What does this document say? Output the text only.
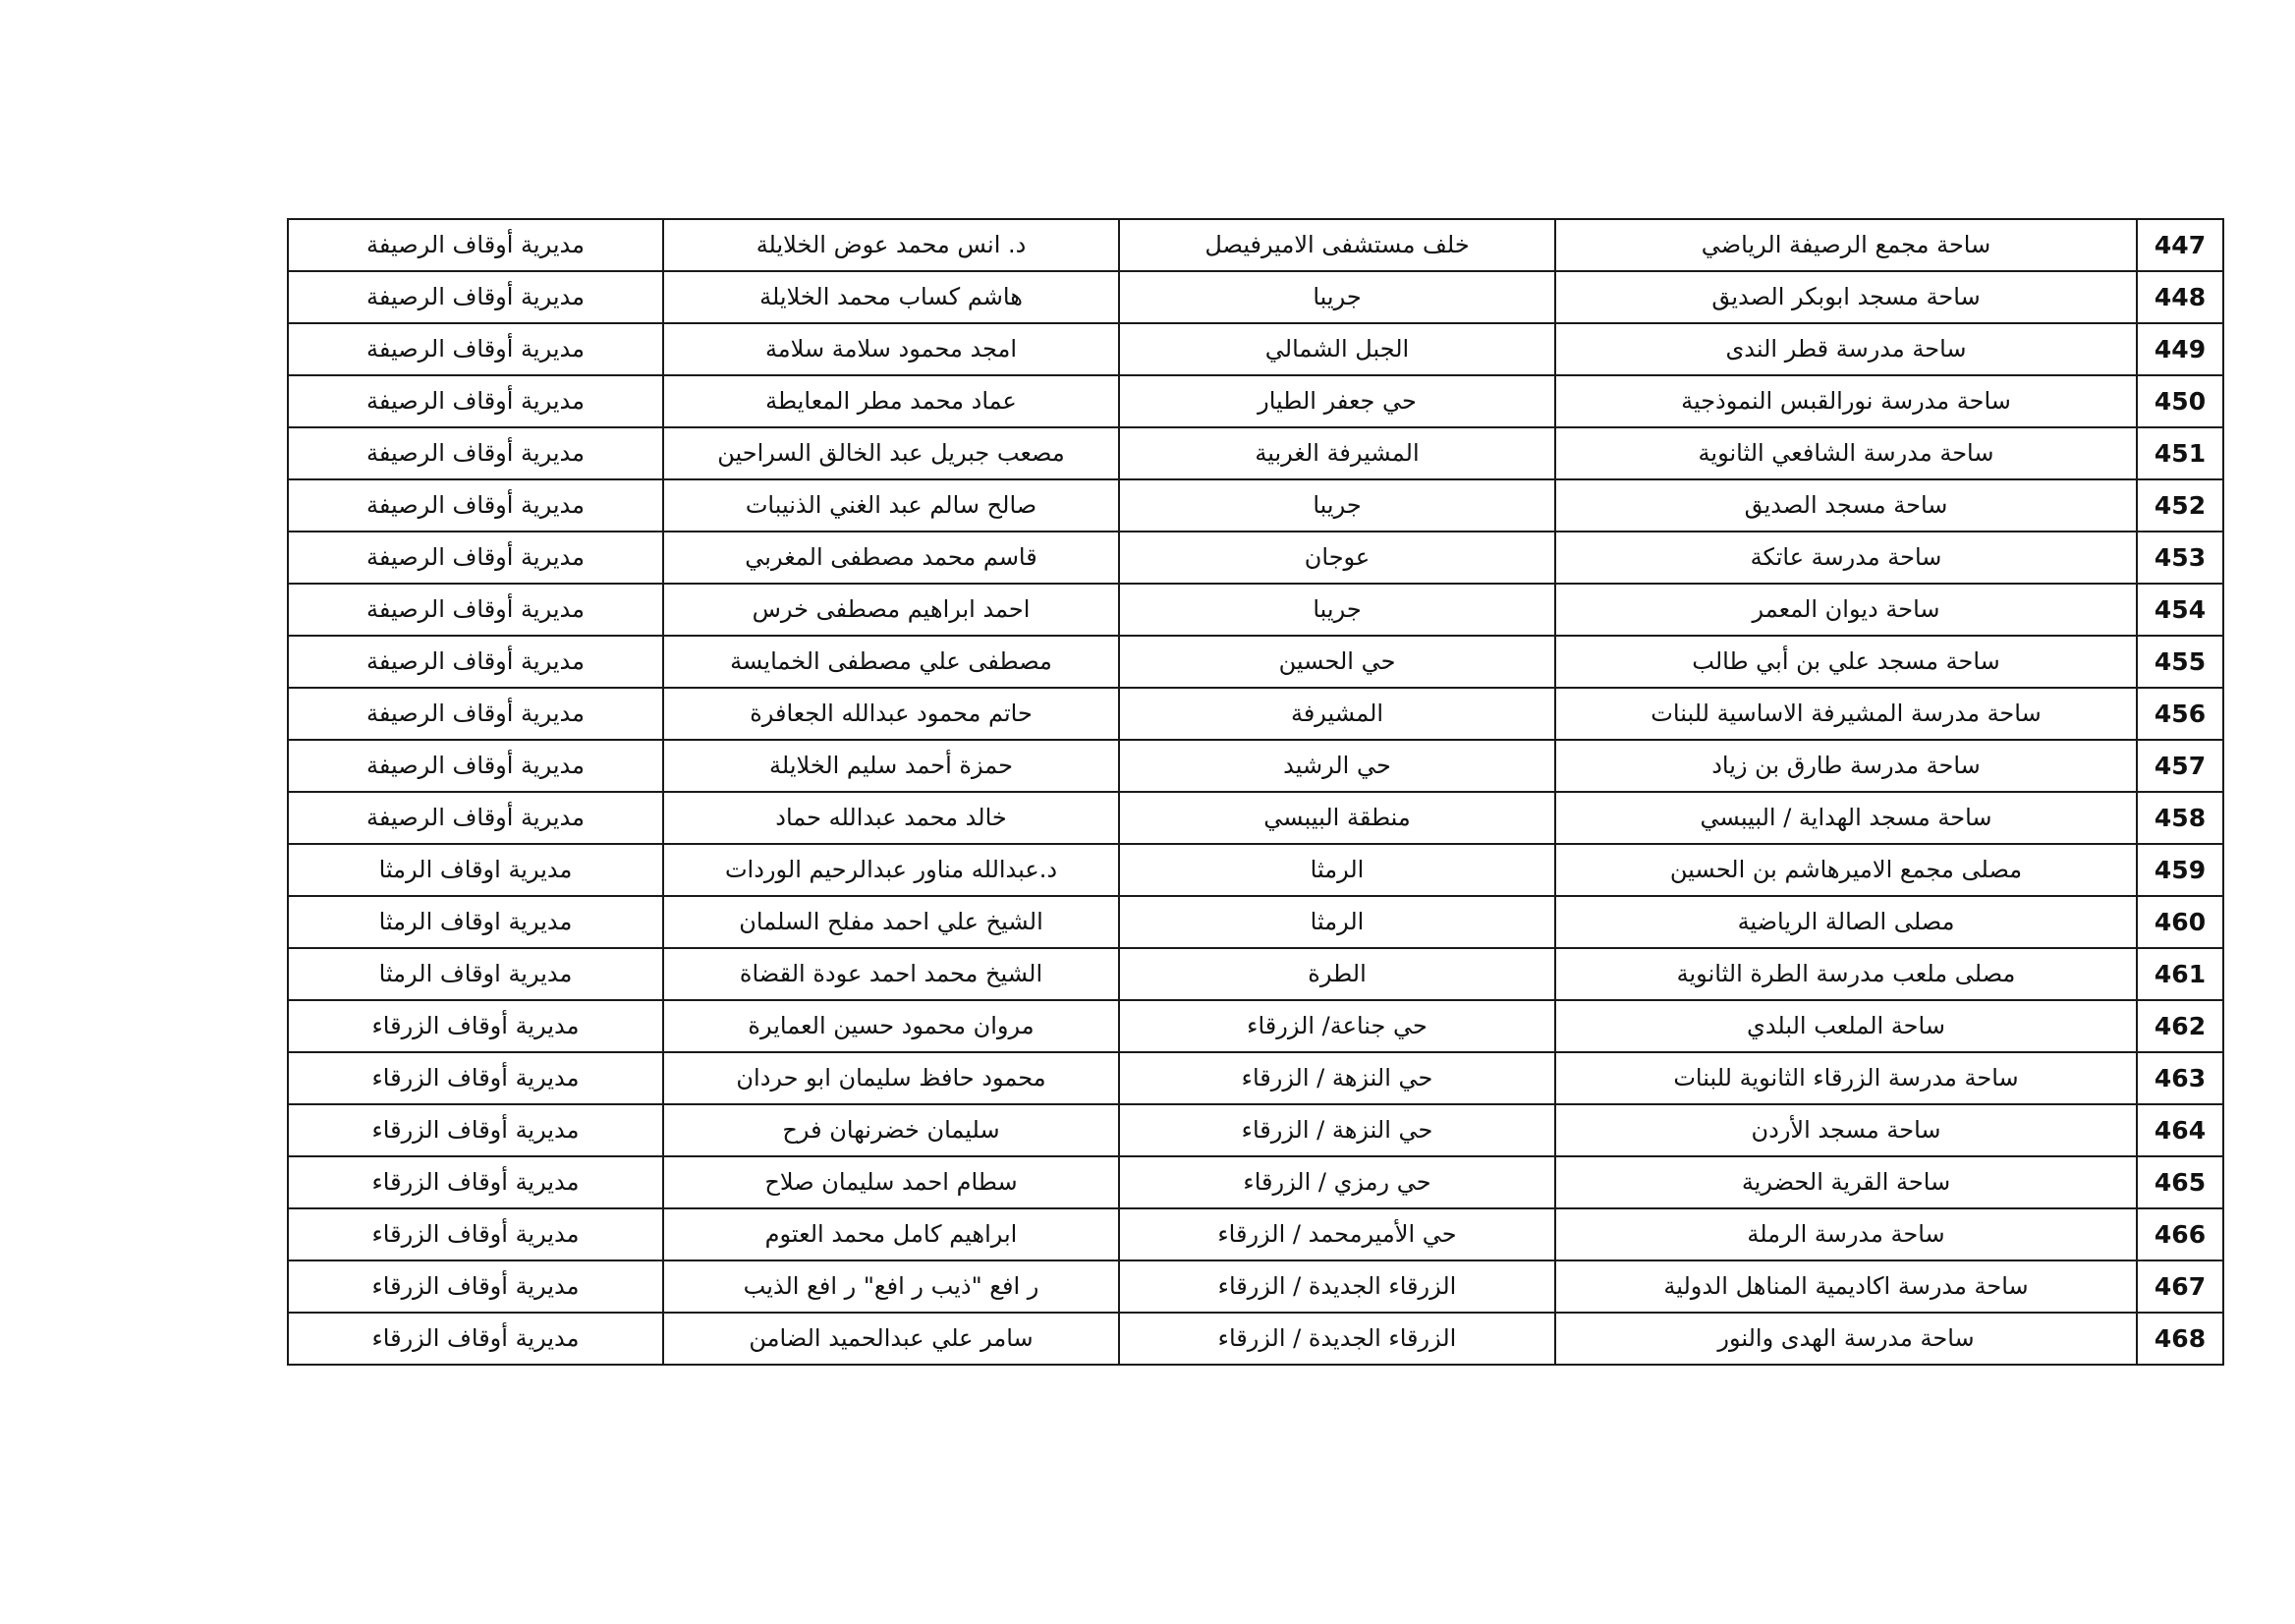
مديرية أوقاف الرصيفة	د. انس محمد عوض الخلايلة	خلف مستشفى الاميرفيصل	ساحة مجمع الرصيفة الرياضي	447
مديرية أوقاف الرصيفة	هاشم كساب محمد الخلايلة	جريبا	ساحة مسجد ابوبكر الصديق	448
مديرية أوقاف الرصيفة	امجد محمود سلامة سلامة	الجبل الشمالي	ساحة مدرسة قطر الندى	449
مديرية أوقاف الرصيفة	عماد محمد مطر المعايطة	حي جعفر الطيار	ساحة مدرسة نورالقبس النموذجية	450
مديرية أوقاف الرصيفة	مصعب جبريل عبد الخالق السراحين	المشيرفة الغربية	ساحة مدرسة الشافعي الثانوية	451
مديرية أوقاف الرصيفة	صالح سالم عبد الغني الذنيبات	جريبا	ساحة مسجد الصديق	452
مديرية أوقاف الرصيفة	قاسم محمد مصطفى المغربي	عوجان	ساحة مدرسة عاتكة	453
مديرية أوقاف الرصيفة	احمد ابراهيم مصطفى خرس	جريبا	ساحة ديوان المعمر	454
مديرية أوقاف الرصيفة	مصطفى علي مصطفى الخمايسة	حي الحسين	ساحة مسجد علي بن أبي طالب	455
مديرية أوقاف الرصيفة	حاتم محمود عبدالله الجعافرة	المشيرفة	ساحة مدرسة المشيرفة الاساسية للبنات	456
مديرية أوقاف الرصيفة	حمزة أحمد سليم الخلايلة	حي الرشيد	ساحة مدرسة طارق بن زياد	457
مديرية أوقاف الرصيفة	خالد محمد عبدالله حماد	منطقة البيبسي	ساحة مسجد الهداية / البيبسي	458
مديرية اوقاف الرمثا	د.عبدالله مناور عبدالرحيم الوردات	الرمثا	مصلى مجمع الاميرهاشم بن الحسين	459
مديرية اوقاف الرمثا	الشيخ علي احمد مفلح السلمان	الرمثا	مصلى الصالة الرياضية	460
مديرية اوقاف الرمثا	الشيخ محمد احمد عودة القضاة	الطرة	مصلى ملعب مدرسة الطرة الثانوية	461
مديرية أوقاف الزرقاء	مروان محمود حسين العمايرة	حي جناعة/ الزرقاء	ساحة الملعب البلدي	462
مديرية أوقاف الزرقاء	محمود حافظ سليمان ابو حردان	حي النزهة / الزرقاء	ساحة مدرسة الزرقاء الثانوية للبنات	463
مديرية أوقاف الزرقاء	سليمان خضرنهان فرح	حي النزهة / الزرقاء	ساحة مسجد الأردن	464
مديرية أوقاف الزرقاء	سطام احمد سليمان صلاح	حي رمزي / الزرقاء	ساحة القرية الحضرية	465
مديرية أوقاف الزرقاء	ابراهيم كامل محمد العتوم	حي الأميرمحمد / الزرقاء	ساحة مدرسة الرملة	466
مديرية أوقاف الزرقاء	ر افع "ذيب ر افع" ر افع الذيب	الزرقاء الجديدة / الزرقاء	ساحة مدرسة اكاديمية المناهل الدولية	467
مديرية أوقاف الزرقاء	سامر علي عبدالحميد الضامن	الزرقاء الجديدة / الزرقاء	ساحة مدرسة الهدى والنور	468
